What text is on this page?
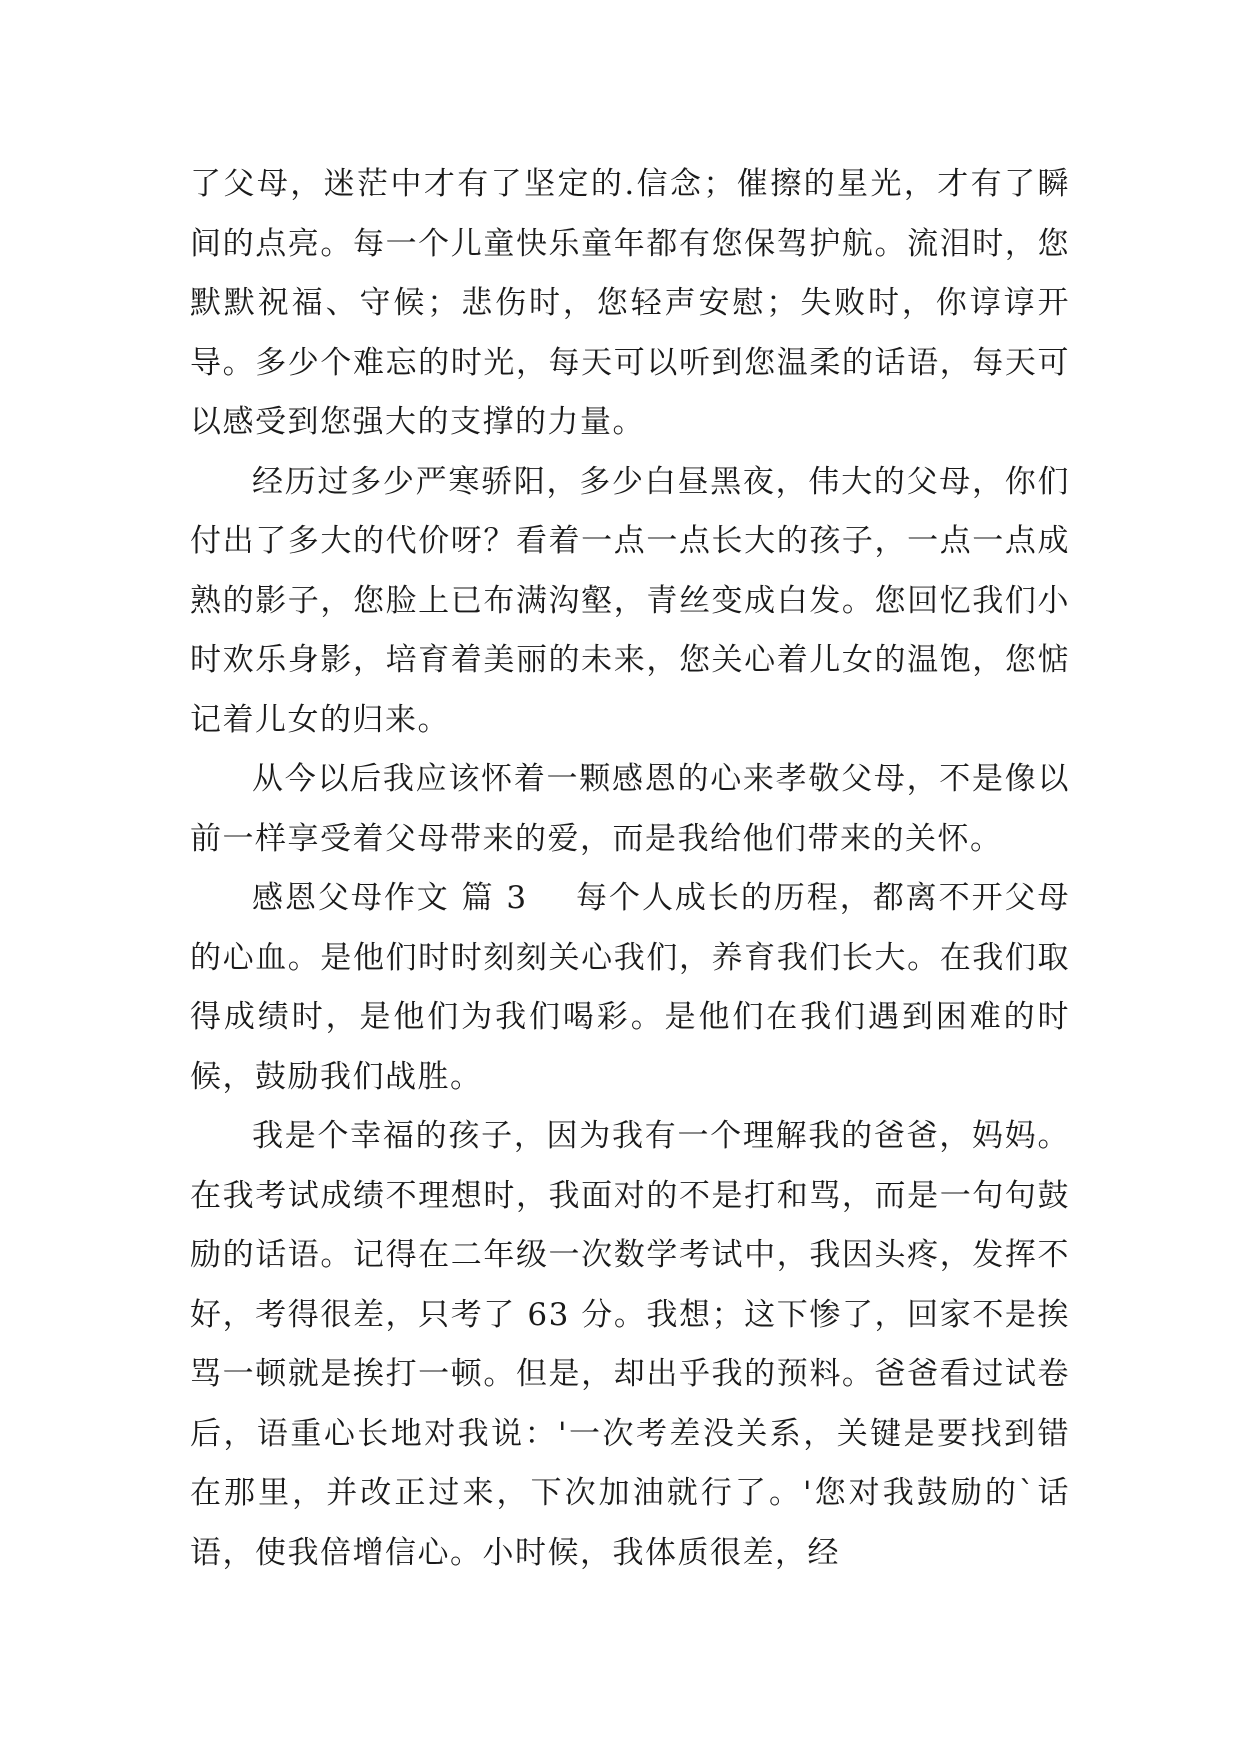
了父母，迷茫中才有了坚定的.信念；催擦的星光，才有了瞬间的点亮。每一个儿童快乐童年都有您保驾护航。流泪时，您默默祝福、守候；悲伤时，您轻声安慰；失败时，你谆谆开导。多少个难忘的时光，每天可以听到您温柔的话语，每天可以感受到您强大的支撑的力量。

经历过多少严寒骄阳，多少白昼黑夜，伟大的父母，你们付出了多大的代价呀？看着一点一点长大的孩子，一点一点成熟的影子，您脸上已布满沟壑，青丝变成白发。您回忆我们小时欢乐身影，培育着美丽的未来，您关心着儿女的温饱，您惦记着儿女的归来。

从今以后我应该怀着一颗感恩的心来孝敬父母，不是像以前一样享受着父母带来的爱，而是我给他们带来的关怀。

感恩父母作文 篇 3 每个人成长的历程，都离不开父母的心血。是他们时时刻刻关心我们，养育我们长大。在我们取得成绩时，是他们为我们喝彩。是他们在我们遇到困难的时候，鼓励我们战胜。

我是个幸福的孩子，因为我有一个理解我的爸爸，妈妈。在我考试成绩不理想时，我面对的不是打和骂，而是一句句鼓励的话语。记得在二年级一次数学考试中，我因头疼，发挥不好，考得很差，只考了 63 分。我想；这下惨了，回家不是挨骂一顿就是挨打一顿。但是，却出乎我的预料。爸爸看过试卷后，语重心长地对我说：'一次考差没关系，关键是要找到错在那里，并改正过来，下次加油就行了。'您对我鼓励的`话语，使我倍增信心。小时候，我体质很差，经
